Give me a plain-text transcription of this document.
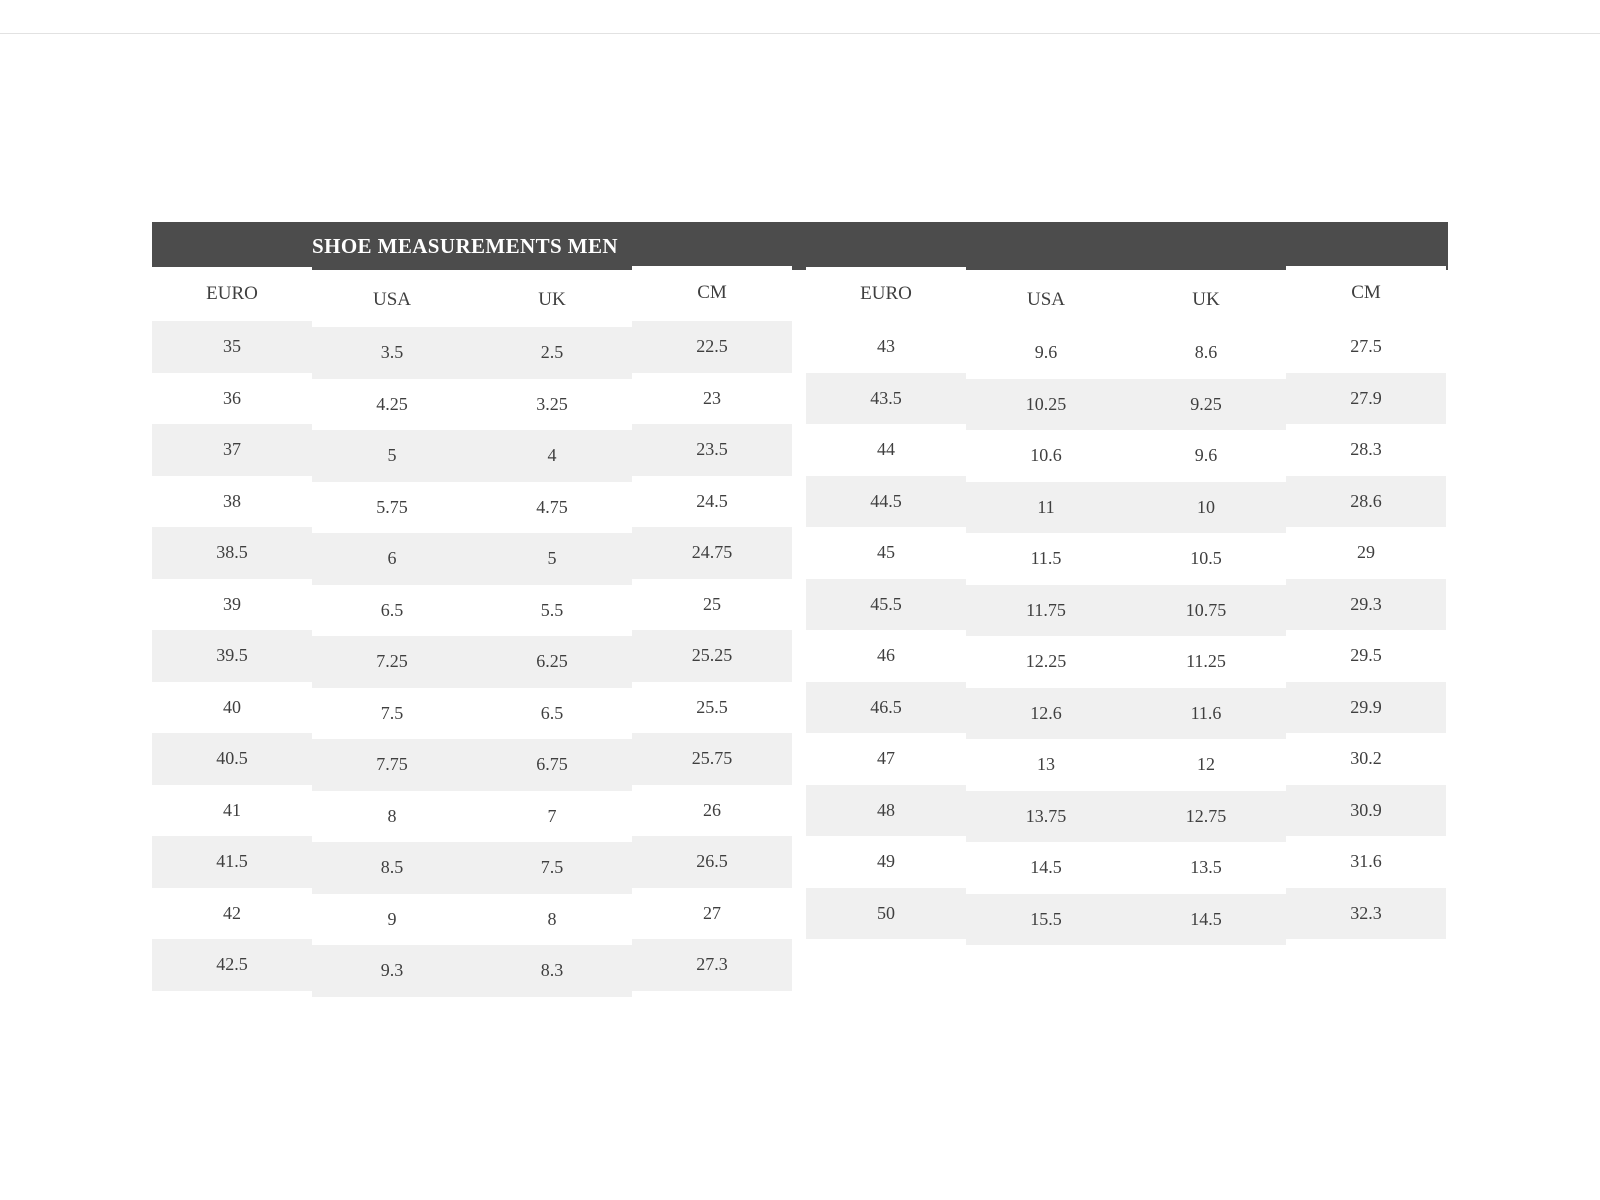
SHOE MEASUREMENTS MEN
EURO	USA	UK	CM
35	3.5	2.5	22.5
36	4.25	3.25	23
37	5	4	23.5
38	5.75	4.75	24.5
38.5	6	5	24.75
39	6.5	5.5	25
39.5	7.25	6.25	25.25
40	7.5	6.5	25.5
40.5	7.75	6.75	25.75
41	8	7	26
41.5	8.5	7.5	26.5
42	9	8	27
42.5	9.3	8.3	27.3
EURO	USA	UK	CM
43	9.6	8.6	27.5
43.5	10.25	9.25	27.9
44	10.6	9.6	28.3
44.5	11	10	28.6
45	11.5	10.5	29
45.5	11.75	10.75	29.3
46	12.25	11.25	29.5
46.5	12.6	11.6	29.9
47	13	12	30.2
48	13.75	12.75	30.9
49	14.5	13.5	31.6
50	15.5	14.5	32.3
